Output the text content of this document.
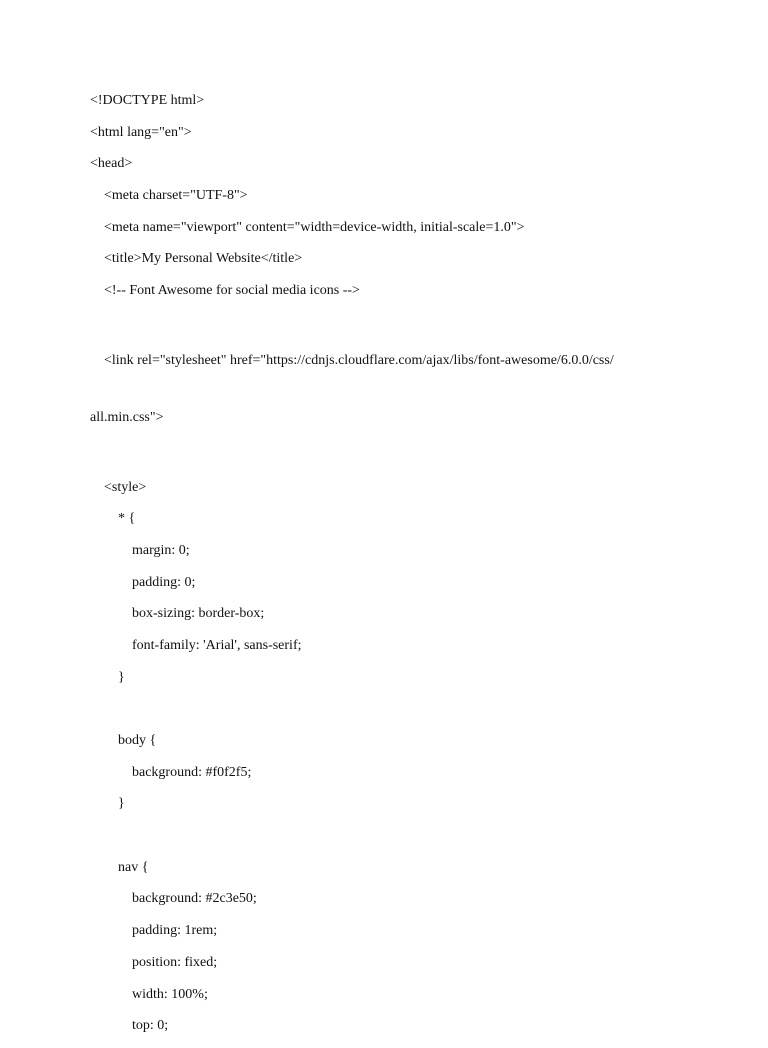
<!DOCTYPE html>
<html lang="en">
<head>
<meta charset="UTF-8">
<meta name="viewport" content="width=device-width, initial-scale=1.0">
<title>My Personal Website</title>
<!-- Font Awesome for social media icons -->

<link rel="stylesheet" href="https://cdnjs.cloudflare.com/ajax/libs/font-awesome/6.0.0/css/

all.min.css">

<style>
* {
margin: 0;
padding: 0;
box-sizing: border-box;
font-family: 'Arial', sans-serif;
}
body {
background: #f0f2f5;
}
nav {
background: #2c3e50;
padding: 1rem;
position: fixed;
width: 100%;
top: 0;
